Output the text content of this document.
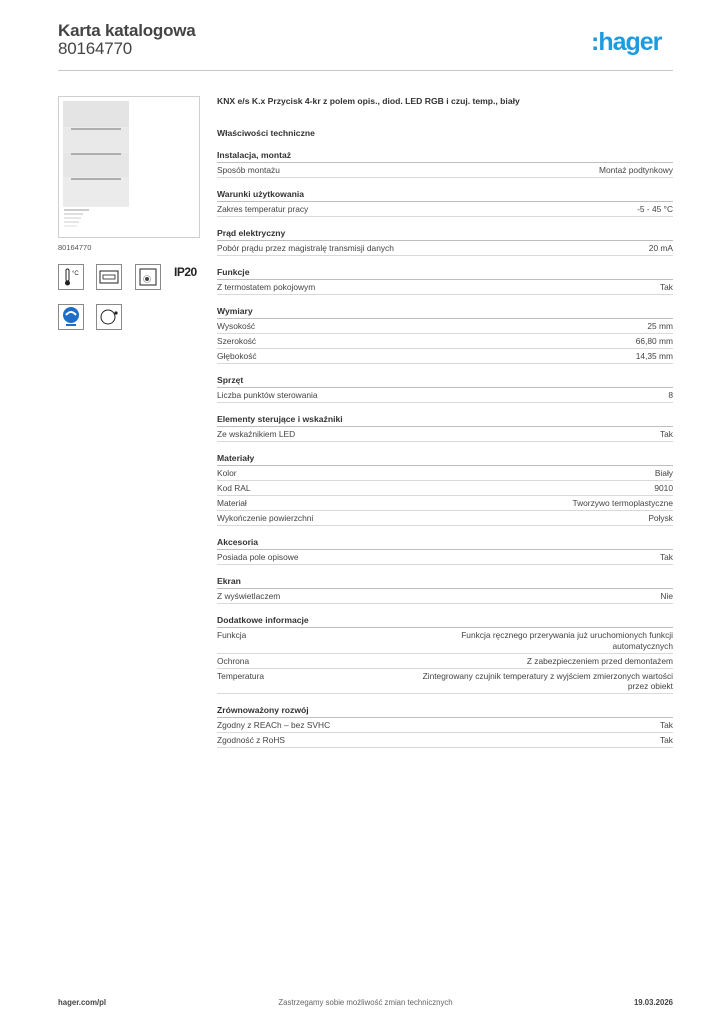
Karta katalogowa
80164770	:hager
80164770
°C	IP20
KNX e/s K.x Przycisk 4-kr z polem opis., diod. LED RGB i czuj. temp., biały
Właściwości techniczne
Instalacja, montaż
Sposób montażu	Montaż podtynkowy
Warunki użytkowania
Zakres temperatur pracy	-5 - 45 °C
Prąd elektryczny
Pobór prądu przez magistralę transmisji danych	20 mA
Funkcje
Z termostatem pokojowym	Tak
Wymiary
Wysokość	25 mm
Szerokość	66,80 mm
Głębokość	14,35 mm
Sprzęt
Liczba punktów sterowania	8
Elementy sterujące i wskaźniki
Ze wskaźnikiem LED	Tak
Materiały
Kolor	Biały
Kod RAL	9010
Materiał	Tworzywo termoplastyczne
Wykończenie powierzchni	Połysk
Akcesoria
Posiada pole opisowe	Tak
Ekran
Z wyświetlaczem	Nie
Dodatkowe informacje
Funkcja	Funkcja ręcznego przerywania już uruchomionych funkcji automatycznych
Ochrona	Z zabezpieczeniem przed demontażem
Temperatura	Zintegrowany czujnik temperatury z wyjściem zmierzonych wartości przez obiekt
Zrównoważony rozwój
Zgodny z REACh – bez SVHC	Tak
Zgodność z RoHS	Tak
Zastrzegamy sobie możliwość zmian technicznych
hager.com/pl	19.03.2026
